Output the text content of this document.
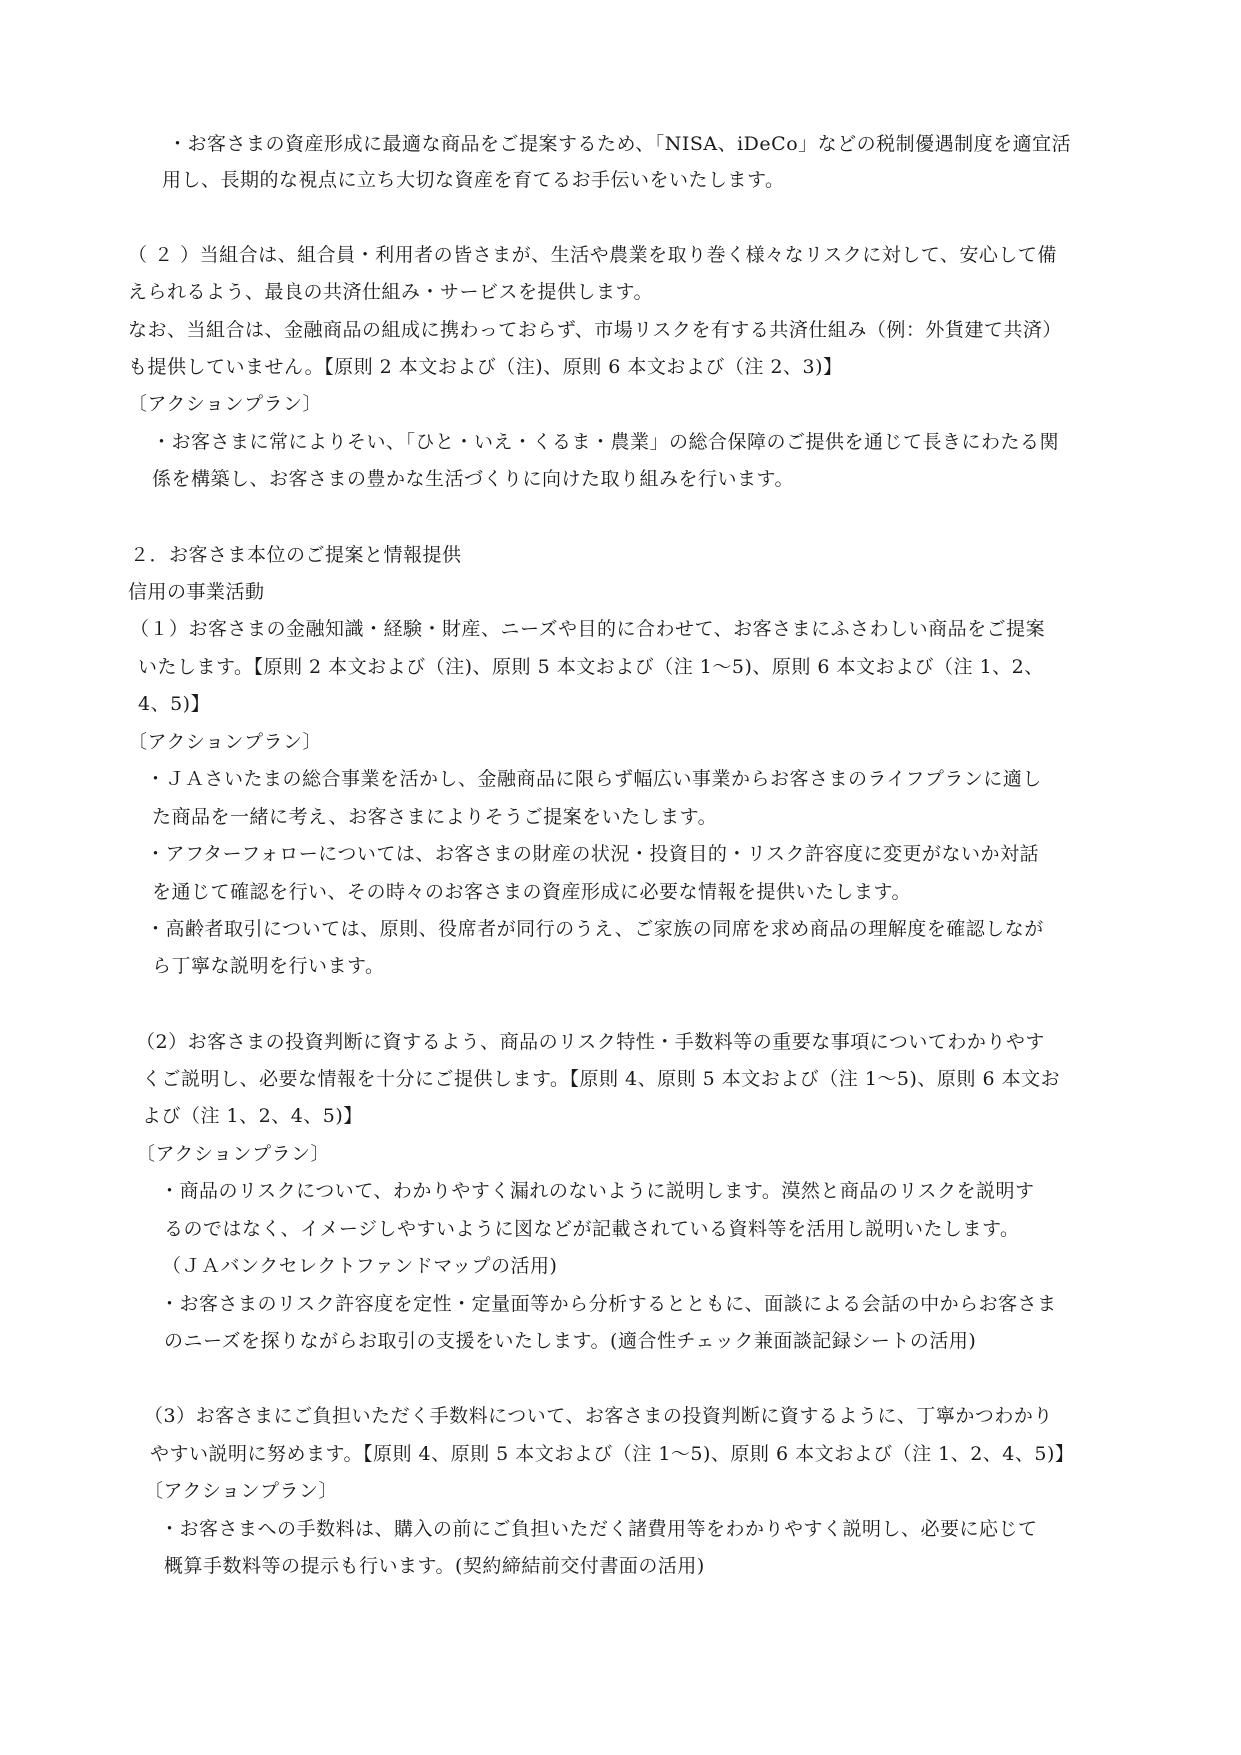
・お客さまの資産形成に最適な商品をご提案するため、「NISA、iDeCo」などの税制優遇制度を適宜活
用し、長期的な視点に立ち大切な資産を育てるお手伝いをいたします。
（ ２ ）当組合は、組合員・利用者の皆さまが、生活や農業を取り巻く様々なリスクに対して、安心して備
えられるよう、最良の共済仕組み・サービスを提供します。
なお、当組合は、金融商品の組成に携わっておらず、市場リスクを有する共済仕組み（例：外貨建て共済）
も提供していません。【原則 2 本文および（注)、原則 6 本文および（注 2、3)】
〔アクションプラン〕
・お客さまに常によりそい、「ひと・いえ・くるま・農業」の総合保障のご提供を通じて長きにわたる関
係を構築し、お客さまの豊かな生活づくりに向けた取り組みを行います。
２．お客さま本位のご提案と情報提供
信用の事業活動
（１）お客さまの金融知識・経験・財産、ニーズや目的に合わせて、お客さまにふさわしい商品をご提案
いたします。【原則 2 本文および（注)、原則 5 本文および（注 1～5)、原則 6 本文および（注 1、2、
4、5)】
〔アクションプラン〕
・ＪＡさいたまの総合事業を活かし、金融商品に限らず幅広い事業からお客さまのライフプランに適し
た商品を一緒に考え、お客さまによりそうご提案をいたします。
・アフターフォローについては、お客さまの財産の状況・投資目的・リスク許容度に変更がないか対話
を通じて確認を行い、その時々のお客さまの資産形成に必要な情報を提供いたします。
・高齢者取引については、原則、役席者が同行のうえ、ご家族の同席を求め商品の理解度を確認しなが
ら丁寧な説明を行います。
（2）お客さまの投資判断に資するよう、商品のリスク特性・手数料等の重要な事項についてわかりやす
くご説明し、必要な情報を十分にご提供します。【原則 4、原則 5 本文および（注 1～5)、原則 6 本文お
よび（注 1、2、4、5)】
〔アクションプラン〕
・商品のリスクについて、わかりやすく漏れのないように説明します。漠然と商品のリスクを説明す
るのではなく、イメージしやすいように図などが記載されている資料等を活用し説明いたします。
（ＪＡバンクセレクトファンドマップの活用)
・お客さまのリスク許容度を定性・定量面等から分析するとともに、面談による会話の中からお客さま
のニーズを探りながらお取引の支援をいたします。(適合性チェック兼面談記録シートの活用)
（3）お客さまにご負担いただく手数料について、お客さまの投資判断に資するように、丁寧かつわかり
やすい説明に努めます。【原則 4、原則 5 本文および（注 1～5)、原則 6 本文および（注 1、2、4、5)】
〔アクションプラン〕
・お客さまへの手数料は、購入の前にご負担いただく諸費用等をわかりやすく説明し、必要に応じて
概算手数料等の提示も行います。(契約締結前交付書面の活用)
